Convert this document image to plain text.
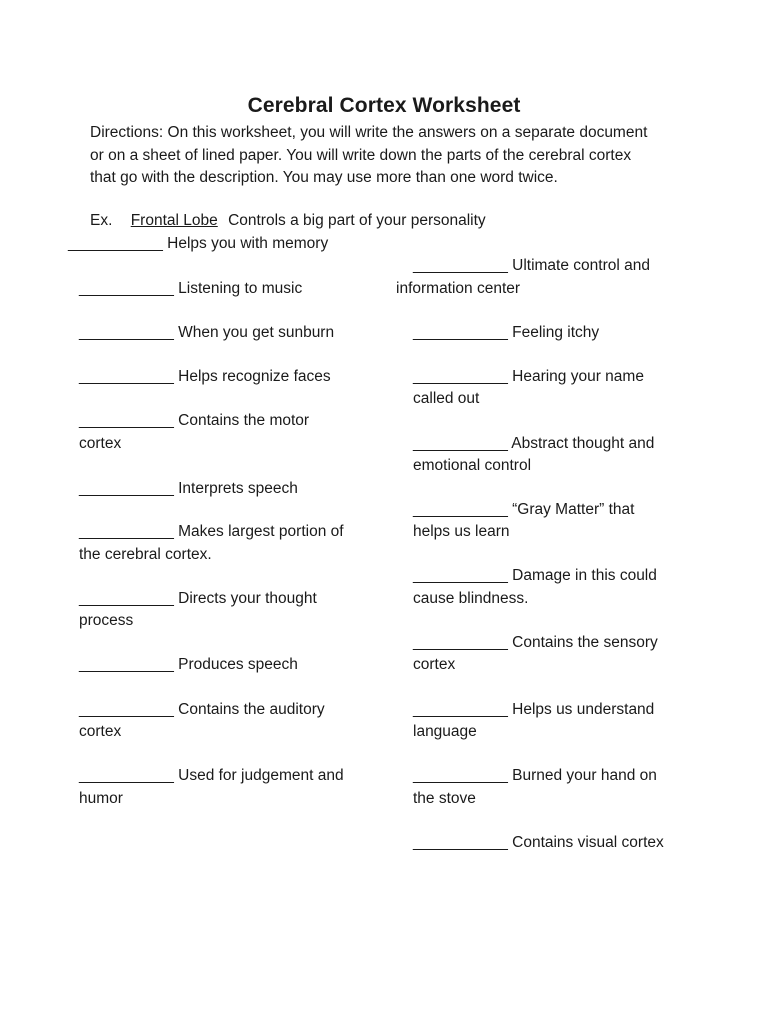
Cerebral Cortex Worksheet
Directions: On this worksheet, you will write the answers on a separate document
or on a sheet of lined paper. You will write down the parts of the cerebral cortex
that go with the description. You may use more than one word twice.
Ex. Frontal Lobe Controls a big part of your personality
___________ Helps you with memory
___________ Listening to music
___________ When you get sunburn
___________ Helps recognize faces
___________ Contains the motor
cortex
___________ Interprets speech
___________ Makes largest portion of
the cerebral cortex.
___________ Directs your thought
process
___________ Produces speech
___________ Contains the auditory
cortex
___________ Used for judgement and
humor
___________ Ultimate control and
information center
___________ Feeling itchy
___________ Hearing your name
called out
___________ Abstract thought and
emotional control
___________ “Gray Matter” that
helps us learn
___________ Damage in this could
cause blindness.
___________ Contains the sensory
cortex
___________ Helps us understand
language
___________ Burned your hand on
the stove
___________ Contains visual cortex
